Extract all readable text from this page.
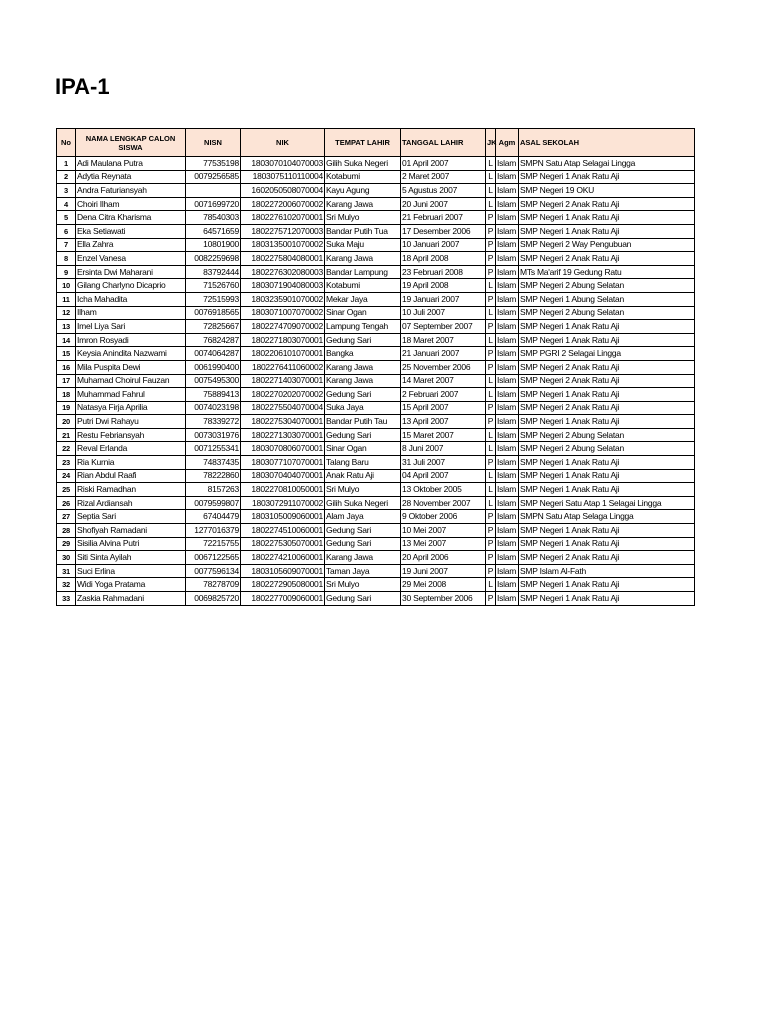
IPA-1
No	NAMA LENGKAP CALON SISWA	NISN	NIK	TEMPAT LAHIR	TANGGAL LAHIR	JK	Agm	ASAL SEKOLAH
1	Adi Maulana Putra	77535198	1803070104070003	Gilih Suka Negeri	01 April 2007	L	Islam	SMPN Satu Atap Selagai Lingga
2	Adytia Reynata	0079256585	1803075110110004	Kotabumi	2 Maret 2007	L	Islam	SMP Negeri 1 Anak Ratu Aji
3	Andra Faturiansyah		1602050508070004	Kayu Agung	5 Agustus 2007	L	Islam	SMP Negeri 19 OKU
4	Choiri Ilham	0071699720	1802272006070002	Karang Jawa	20 Juni 2007	L	Islam	SMP Negeri 2 Anak Ratu Aji
5	Dena Citra Kharisma	78540303	1802276102070001	Sri Mulyo	21 Februari 2007	P	Islam	SMP Negeri 1 Anak Ratu Aji
6	Eka Setiawati	64571659	1802275712070003	Bandar Putih Tua	17 Desember 2006	P	Islam	SMP Negeri 1 Anak Ratu Aji
7	Ella Zahra	10801900	1803135001070002	Suka Maju	10 Januari 2007	P	Islam	SMP Negeri 2 Way Pengubuan
8	Enzel Vanesa	0082259698	1802275804080001	Karang Jawa	18 April 2008	P	Islam	SMP Negeri 2 Anak Ratu Aji
9	Ersinta Dwi Maharani	83792444	1802276302080003	Bandar Lampung	23 Februari 2008	P	Islam	MTs Ma'arif 19 Gedung Ratu
10	Gilang Charlyno Dicaprio	71526760	1803071904080003	Kotabumi	19 April 2008	L	Islam	SMP Negeri 2 Abung Selatan
11	Icha Mahadita	72515993	1803235901070002	Mekar Jaya	19 Januari 2007	P	Islam	SMP Negeri 1 Abung Selatan
12	Ilham	0076918565	1803071007070002	Sinar Ogan	10 Juli 2007	L	Islam	SMP Negeri 2 Abung Selatan
13	Imel Liya Sari	72825667	1802274709070002	Lampung Tengah	07 September 2007	P	Islam	SMP Negeri 1 Anak Ratu Aji
14	Imron Rosyadi	76824287	1802271803070001	Gedung Sari	18 Maret 2007	L	Islam	SMP Negeri 1 Anak Ratu Aji
15	Keysia Anindita Nazwami	0074064287	1802206101070001	Bangka	21 Januari 2007	P	Islam	SMP PGRI 2 Selagai Lingga
16	Mila Puspita Dewi	0061990400	1802276411060002	Karang Jawa	25 November 2006	P	Islam	SMP Negeri 2 Anak Ratu Aji
17	Muhamad Choirul Fauzan	0075495300	1802271403070001	Karang Jawa	14 Maret 2007	L	Islam	SMP Negeri 2 Anak Ratu Aji
18	Muhammad Fahrul	75889413	1802270202070002	Gedung Sari	2 Februari 2007	L	Islam	SMP Negeri 1 Anak Ratu Aji
19	Natasya Firja Aprilia	0074023198	1802275504070004	Suka Jaya	15 April 2007	P	Islam	SMP Negeri 2 Anak Ratu Aji
20	Putri Dwi Rahayu	78339272	1802275304070001	Bandar Putih Tau	13 April 2007	P	Islam	SMP Negeri 1 Anak Ratu Aji
21	Restu Febriansyah	0073031976	1802271303070001	Gedung Sari	15 Maret 2007	L	Islam	SMP Negeri 2 Abung Selatan
22	Reval Erlanda	0071255341	1803070806070001	Sinar Ogan	8 Juni 2007	L	Islam	SMP Negeri 2 Abung Selatan
23	Ria Kurnia	74837435	1803077107070001	Talang Baru	31 Juli 2007	P	Islam	SMP Negeri 1 Anak Ratu Aji
24	Rian Abdul Raafi	78222860	1803070404070001	Anak Ratu Aji	04 April 2007	L	Islam	SMP Negeri 1 Anak Ratu Aji
25	Riski Ramadhan	8157263	1802270810050001	Sri Mulyo	13 Oktober 2005	L	Islam	SMP Negeri 1 Anak Ratu Aji
26	Rizal Ardiansah	0079599807	1803072911070002	Gilih Suka Negeri	28 November 2007	L	Islam	SMP Negeri Satu Atap 1 Selagai Lingga
27	Septia Sari	67404479	1803105009060001	Alam Jaya	9 Oktober 2006	P	Islam	SMPN Satu Atap Selaga Lingga
28	Shofiyah Ramadani	1277016379	1802274510060001	Gedung Sari	10 Mei 2007	P	Islam	SMP Negeri 1 Anak Ratu Aji
29	Sisilia Alvina Putri	72215755	1802275305070001	Gedung Sari	13 Mei 2007	P	Islam	SMP Negeri 1 Anak Ratu Aji
30	Siti Sinta Ayilah	0067122565	1802274210060001	Karang Jawa	20 April 2006	P	Islam	SMP Negeri 2 Anak Ratu Aji
31	Suci Erlina	0077596134	1803105609070001	Taman Jaya	19 Juni 2007	P	Islam	SMP Islam Al-Fath
32	Widi Yoga Pratama	78278709	1802272905080001	Sri Mulyo	29 Mei 2008	L	Islam	SMP Negeri 1 Anak Ratu Aji
33	Zaskia Rahmadani	0069825720	1802277009060001	Gedung Sari	30 September 2006	P	Islam	SMP Negeri 1 Anak Ratu Aji
